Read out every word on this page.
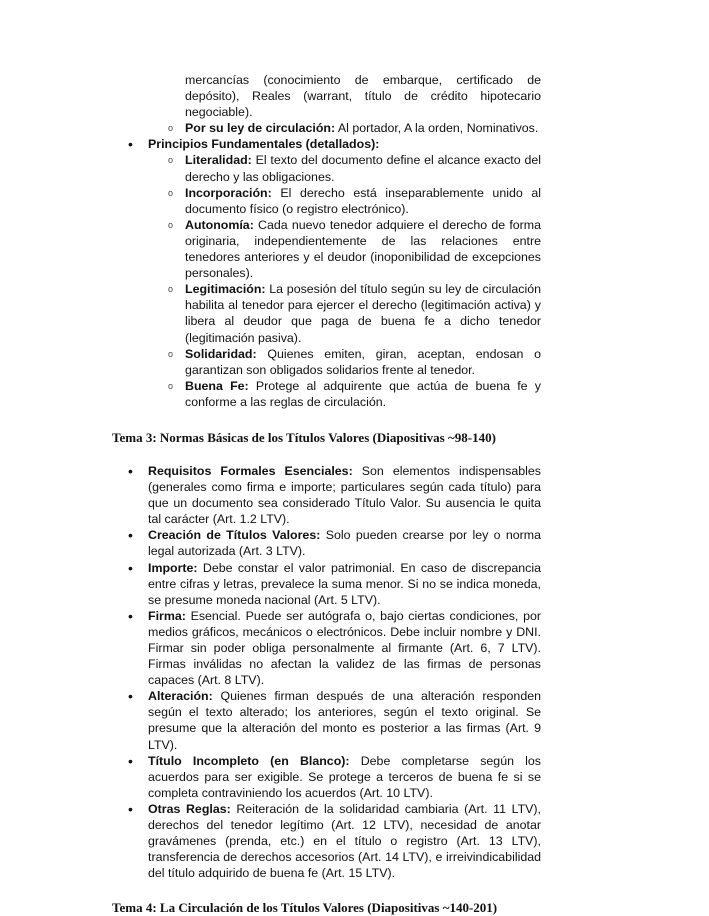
mercancías (conocimiento de embarque, certificado de depósito), Reales (warrant, título de crédito hipotecario negociable).
o Por su ley de circulación: Al portador, A la orden, Nominativos.
• Principios Fundamentales (detallados):
o Literalidad: El texto del documento define el alcance exacto del derecho y las obligaciones.
o Incorporación: El derecho está inseparablemente unido al documento físico (o registro electrónico).
o Autonomía: Cada nuevo tenedor adquiere el derecho de forma originaria, independientemente de las relaciones entre tenedores anteriores y el deudor (inoponibilidad de excepciones personales).
o Legitimación: La posesión del título según su ley de circulación habilita al tenedor para ejercer el derecho (legitimación activa) y libera al deudor que paga de buena fe a dicho tenedor (legitimación pasiva).
o Solidaridad: Quienes emiten, giran, aceptan, endosan o garantizan son obligados solidarios frente al tenedor.
o Buena Fe: Protege al adquirente que actúa de buena fe y conforme a las reglas de circulación.
Tema 3: Normas Básicas de los Títulos Valores (Diapositivas ~98-140)
• Requisitos Formales Esenciales: Son elementos indispensables (generales como firma e importe; particulares según cada título) para que un documento sea considerado Título Valor. Su ausencia le quita tal carácter (Art. 1.2 LTV).
• Creación de Títulos Valores: Solo pueden crearse por ley o norma legal autorizada (Art. 3 LTV).
• Importe: Debe constar el valor patrimonial. En caso de discrepancia entre cifras y letras, prevalece la suma menor. Si no se indica moneda, se presume moneda nacional (Art. 5 LTV).
• Firma: Esencial. Puede ser autógrafa o, bajo ciertas condiciones, por medios gráficos, mecánicos o electrónicos. Debe incluir nombre y DNI. Firmar sin poder obliga personalmente al firmante (Art. 6, 7 LTV). Firmas inválidas no afectan la validez de las firmas de personas capaces (Art. 8 LTV).
• Alteración: Quienes firman después de una alteración responden según el texto alterado; los anteriores, según el texto original. Se presume que la alteración del monto es posterior a las firmas (Art. 9 LTV).
• Título Incompleto (en Blanco): Debe completarse según los acuerdos para ser exigible. Se protege a terceros de buena fe si se completa contraviniendo los acuerdos (Art. 10 LTV).
• Otras Reglas: Reiteración de la solidaridad cambiaria (Art. 11 LTV), derechos del tenedor legítimo (Art. 12 LTV), necesidad de anotar gravámenes (prenda, etc.) en el título o registro (Art. 13 LTV), transferencia de derechos accesorios (Art. 14 LTV), e irreivindicabilidad del título adquirido de buena fe (Art. 15 LTV).
Tema 4: La Circulación de los Títulos Valores (Diapositivas ~140-201)
